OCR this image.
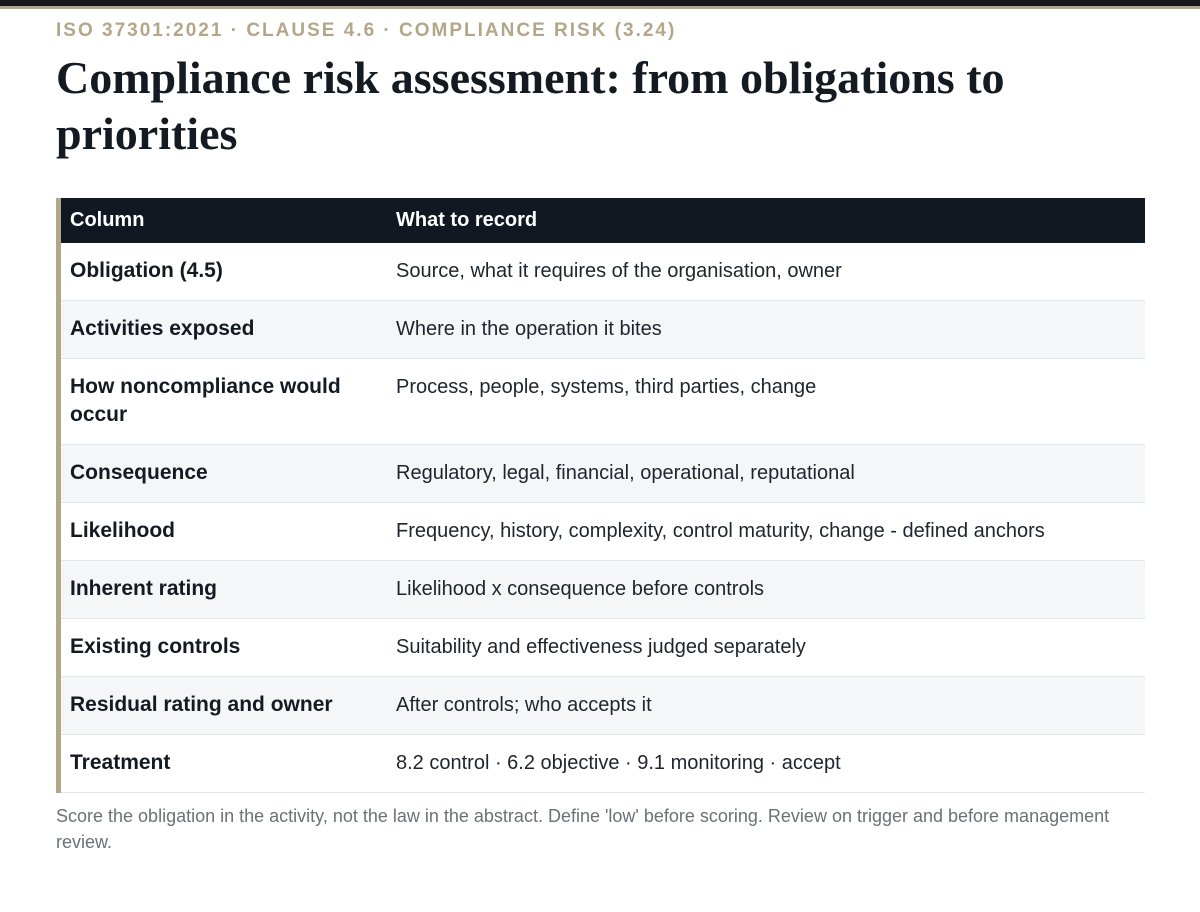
ISO 37301:2021 · CLAUSE 4.6 · COMPLIANCE RISK (3.24)
Compliance risk assessment: from obligations to priorities
Column	What to record
Obligation (4.5)	Source, what it requires of the organisation, owner
Activities exposed	Where in the operation it bites
How noncompliance would occur	Process, people, systems, third parties, change
Consequence	Regulatory, legal, financial, operational, reputational
Likelihood	Frequency, history, complexity, control maturity, change - defined anchors
Inherent rating	Likelihood x consequence before controls
Existing controls	Suitability and effectiveness judged separately
Residual rating and owner	After controls; who accepts it
Treatment	8.2 control · 6.2 objective · 9.1 monitoring · accept

Score the obligation in the activity, not the law in the abstract. Define 'low' before scoring. Review on trigger and before management review.
